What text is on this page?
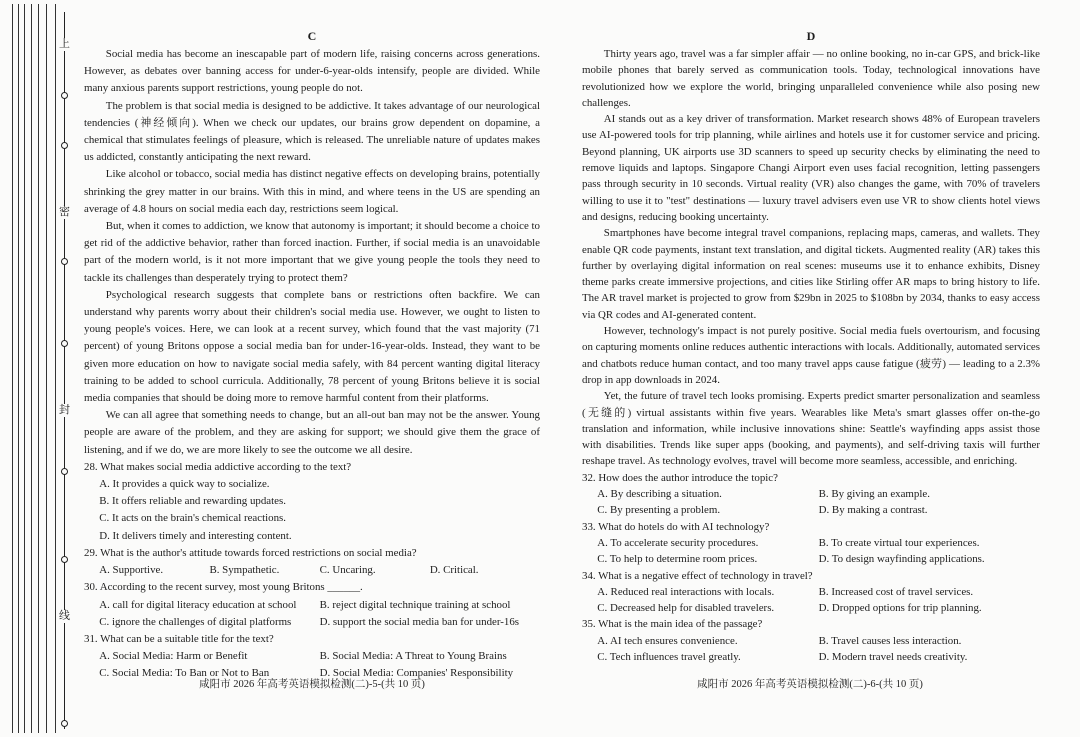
上
密
封
线
C

Social media has become an inescapable part of modern life, raising concerns across generations. However, as debates over banning access for under-6-year-olds intensify, people are divided. While many anxious parents support restrictions, young people do not.

The problem is that social media is designed to be addictive. It takes advantage of our neurological tendencies (神经倾向). When we check our updates, our brains grow dependent on dopamine, a chemical that stimulates feelings of pleasure, which is released. The unreliable nature of updates makes us addicted, constantly anticipating the next reward.

Like alcohol or tobacco, social media has distinct negative effects on developing brains, potentially shrinking the grey matter in our brains. With this in mind, and where teens in the US are spending an average of 4.8 hours on social media each day, restrictions seem logical.

But, when it comes to addiction, we know that autonomy is important; it should become a choice to get rid of the addictive behavior, rather than forced inaction. Further, if social media is an unavoidable part of the modern world, is it not more important that we give young people the tools they need to tackle its challenges than desperately trying to protect them?

Psychological research suggests that complete bans or restrictions often backfire. We can understand why parents worry about their children's social media use. However, we ought to listen to young people's voices. Here, we can look at a recent survey, which found that the vast majority (71 percent) of young Britons oppose a social media ban for under-16-year-olds. Instead, they want to be given more education on how to navigate social media safely, with 84 percent wanting digital literacy training to be added to school curricula. Additionally, 78 percent of young Britons believe it is social media companies that should be doing more to remove harmful content from their platforms.

We can all agree that something needs to change, but an all-out ban may not be the answer. Young people are aware of the problem, and they are asking for support; we should give them the grace of listening, and if we do, we are more likely to see the outcome we all desire.

28. What makes social media addictive according to the text?
A. It provides a quick way to socialize.
B. It offers reliable and rewarding updates.
C. It acts on the brain's chemical reactions.
D. It delivers timely and interesting content.
29. What is the author's attitude towards forced restrictions on social media?
A. Supportive.	B. Sympathetic.	C. Uncaring.	D. Critical.
30. According to the recent survey, most young Britons ______.
A. call for digital literacy education at school	B. reject digital technique training at school
C. ignore the challenges of digital platforms	D. support the social media ban for under-16s
31. What can be a suitable title for the text?
A. Social Media: Harm or Benefit	B. Social Media: A Threat to Young Brains
C. Social Media: To Ban or Not to Ban	D. Social Media: Companies' Responsibility
咸阳市 2026 年高考英语模拟检测(二)-5-(共 10 页)
D

Thirty years ago, travel was a far simpler affair — no online booking, no in-car GPS, and brick-like mobile phones that barely served as communication tools. Today, technological innovations have revolutionized how we explore the world, bringing unparalleled convenience while also posing new challenges.

AI stands out as a key driver of transformation. Market research shows 48% of European travelers use AI-powered tools for trip planning, while airlines and hotels use it for customer service and pricing. Beyond planning, UK airports use 3D scanners to speed up security checks by eliminating the need to remove liquids and laptops. Singapore Changi Airport even uses facial recognition, letting passengers pass through security in 10 seconds. Virtual reality (VR) also changes the game, with 70% of travelers willing to use it to "test" destinations — luxury travel advisers even use VR to show clients hotel views and designs, reducing booking uncertainty.

Smartphones have become integral travel companions, replacing maps, cameras, and wallets. They enable QR code payments, instant text translation, and digital tickets. Augmented reality (AR) takes this further by overlaying digital information on real scenes: museums use it to enhance exhibits, Disney theme parks create immersive projections, and cities like Stirling offer AR maps to bring history to life. The AR travel market is projected to grow from $29bn in 2025 to $108bn by 2034, thanks to easy access via QR codes and AI-generated content.

However, technology's impact is not purely positive. Social media fuels overtourism, and focusing on capturing moments online reduces authentic interactions with locals. Additionally, automated services and chatbots reduce human contact, and too many travel apps cause fatigue (疲劳) — leading to a 2.3% drop in app downloads in 2024.

Yet, the future of travel tech looks promising. Experts predict smarter personalization and seamless (无缝的) virtual assistants within five years. Wearables like Meta's smart glasses offer on-the-go translation and information, while inclusive innovations shine: Seattle's wayfinding apps assist those with disabilities. Trends like super apps (booking, and payments), and self-driving taxis will further reshape travel. As technology evolves, travel will become more seamless, accessible, and enriching.

32. How does the author introduce the topic?
A. By describing a situation.	B. By giving an example.
C. By presenting a problem.	D. By making a contrast.
33. What do hotels do with AI technology?
A. To accelerate security procedures.	B. To create virtual tour experiences.
C. To help to determine room prices.	D. To design wayfinding applications.
34. What is a negative effect of technology in travel?
A. Reduced real interactions with locals.	B. Increased cost of travel services.
C. Decreased help for disabled travelers.	D. Dropped options for trip planning.
35. What is the main idea of the passage?
A. AI tech ensures convenience.	B. Travel causes less interaction.
C. Tech influences travel greatly.	D. Modern travel needs creativity.
咸阳市 2026 年高考英语模拟检测(二)-6-(共 10 页)
